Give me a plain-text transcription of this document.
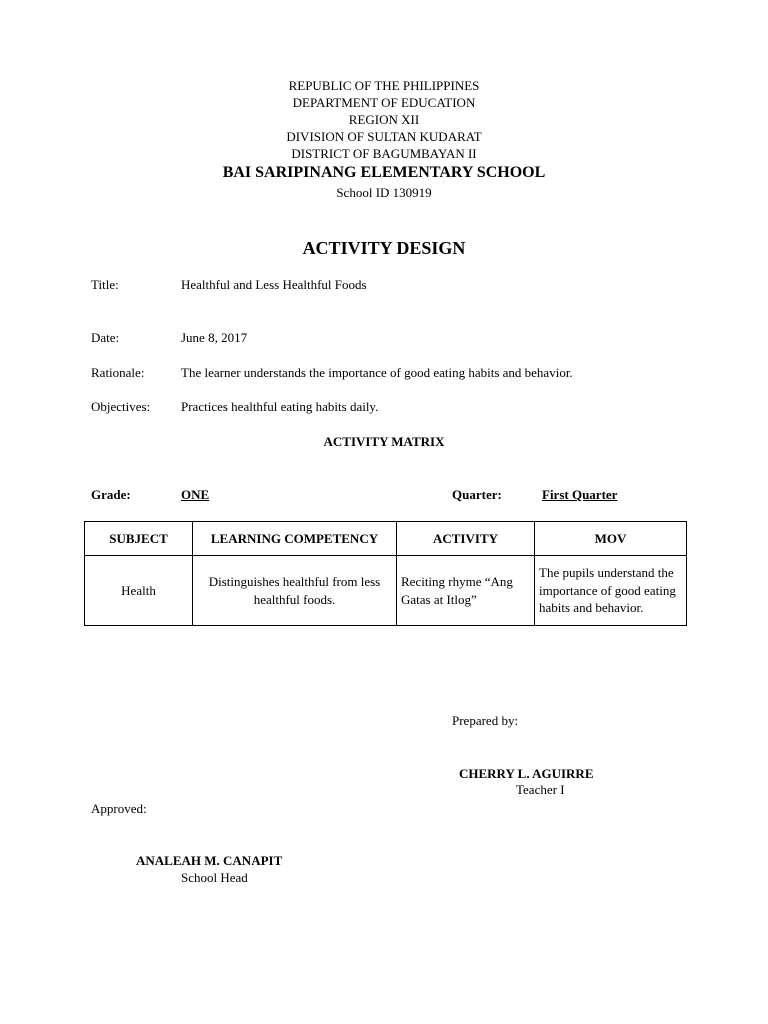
REPUBLIC OF THE PHILIPPINES
DEPARTMENT OF EDUCATION
REGION XII
DIVISION OF SULTAN KUDARAT
DISTRICT OF BAGUMBAYAN II
BAI SARIPINANG ELEMENTARY SCHOOL
School ID 130919
ACTIVITY DESIGN
Title:	Healthful and Less Healthful Foods
Date:	June 8, 2017
Rationale:	The learner understands the importance of good eating habits and behavior.
Objectives: Practices healthful eating habits daily.
ACTIVITY MATRIX
Grade:	ONE	Quarter:	First Quarter
SUBJECT	LEARNING COMPETENCY	ACTIVITY	MOV
Health	Distinguishes healthful from less healthful foods.	Reciting rhyme “Ang Gatas at Itlog”	The pupils understand the importance of good eating habits and behavior.
Prepared by:
CHERRY L. AGUIRRE
Teacher I
Approved:
ANALEAH M. CANAPIT
School Head
